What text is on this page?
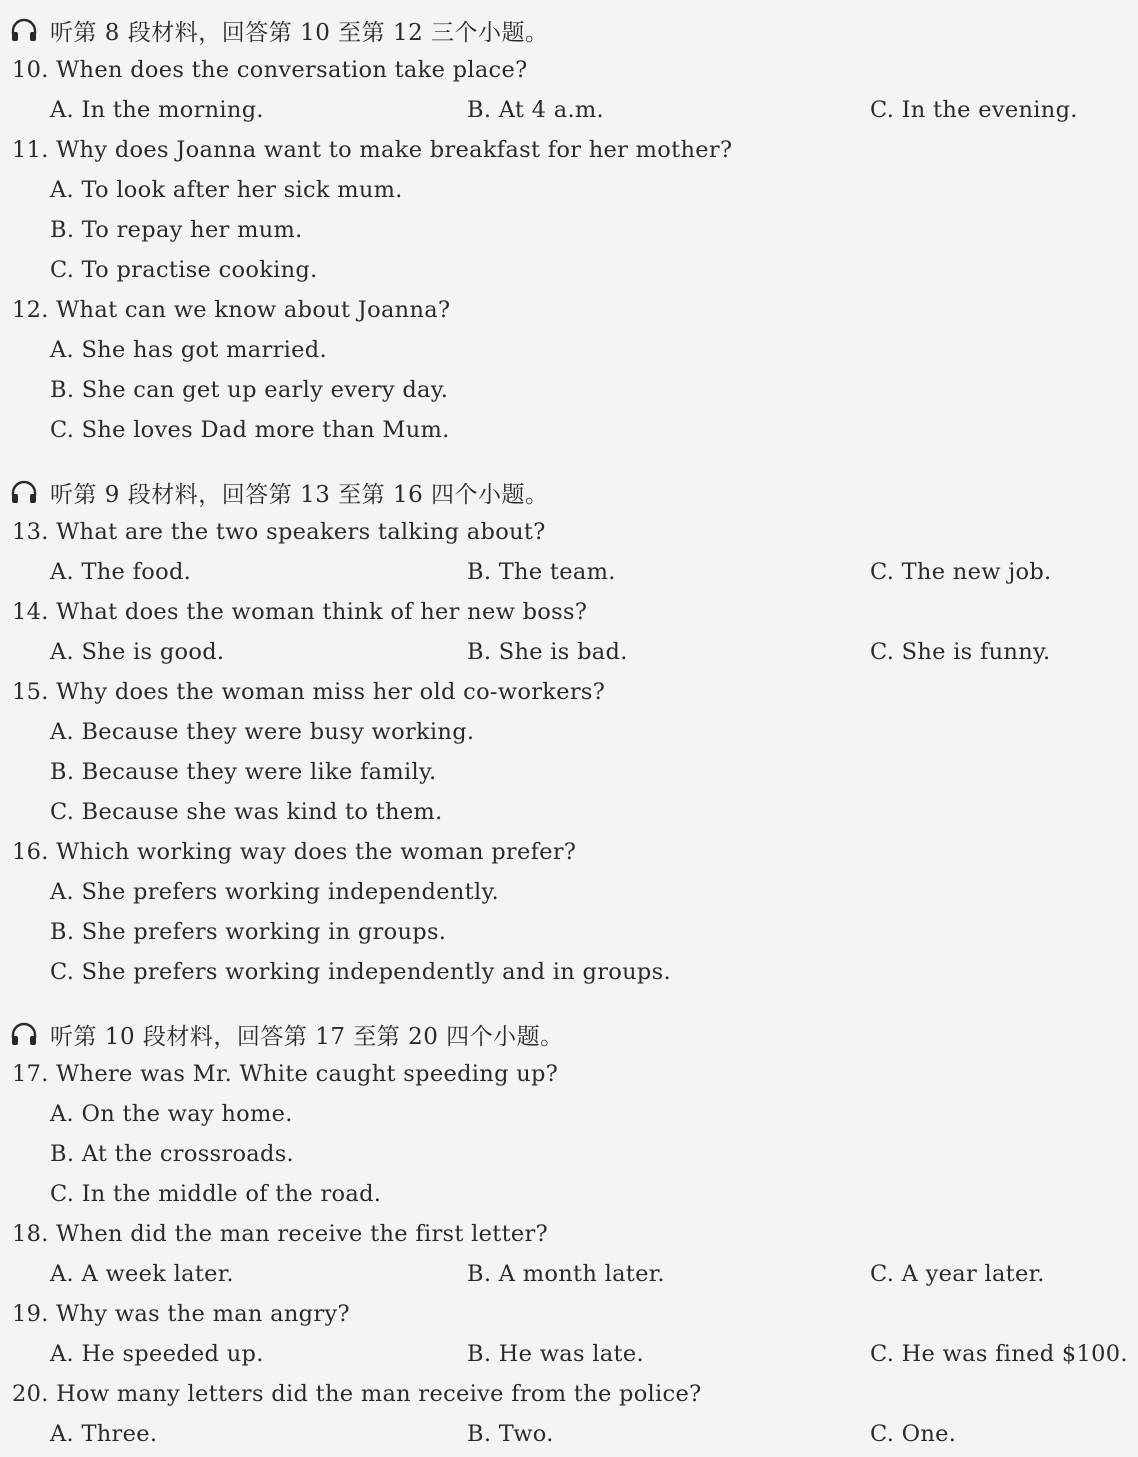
听第 8 段材料，回答第 10 至第 12 三个小题。
10. When does the conversation take place?
A. In the morning.	B. At 4 a.m.	C. In the evening.
11. Why does Joanna want to make breakfast for her mother?
A. To look after her sick mum.
B. To repay her mum.
C. To practise cooking.
12. What can we know about Joanna?
A. She has got married.
B. She can get up early every day.
C. She loves Dad more than Mum.
听第 9 段材料，回答第 13 至第 16 四个小题。
13. What are the two speakers talking about?
A. The food.	B. The team.	C. The new job.
14. What does the woman think of her new boss?
A. She is good.	B. She is bad.	C. She is funny.
15. Why does the woman miss her old co-workers?
A. Because they were busy working.
B. Because they were like family.
C. Because she was kind to them.
16. Which working way does the woman prefer?
A. She prefers working independently.
B. She prefers working in groups.
C. She prefers working independently and in groups.
听第 10 段材料，回答第 17 至第 20 四个小题。
17. Where was Mr. White caught speeding up?
A. On the way home.
B. At the crossroads.
C. In the middle of the road.
18. When did the man receive the first letter?
A. A week later.	B. A month later.	C. A year later.
19. Why was the man angry?
A. He speeded up.	B. He was late.	C. He was fined $100.
20. How many letters did the man receive from the police?
A. Three.	B. Two.	C. One.
